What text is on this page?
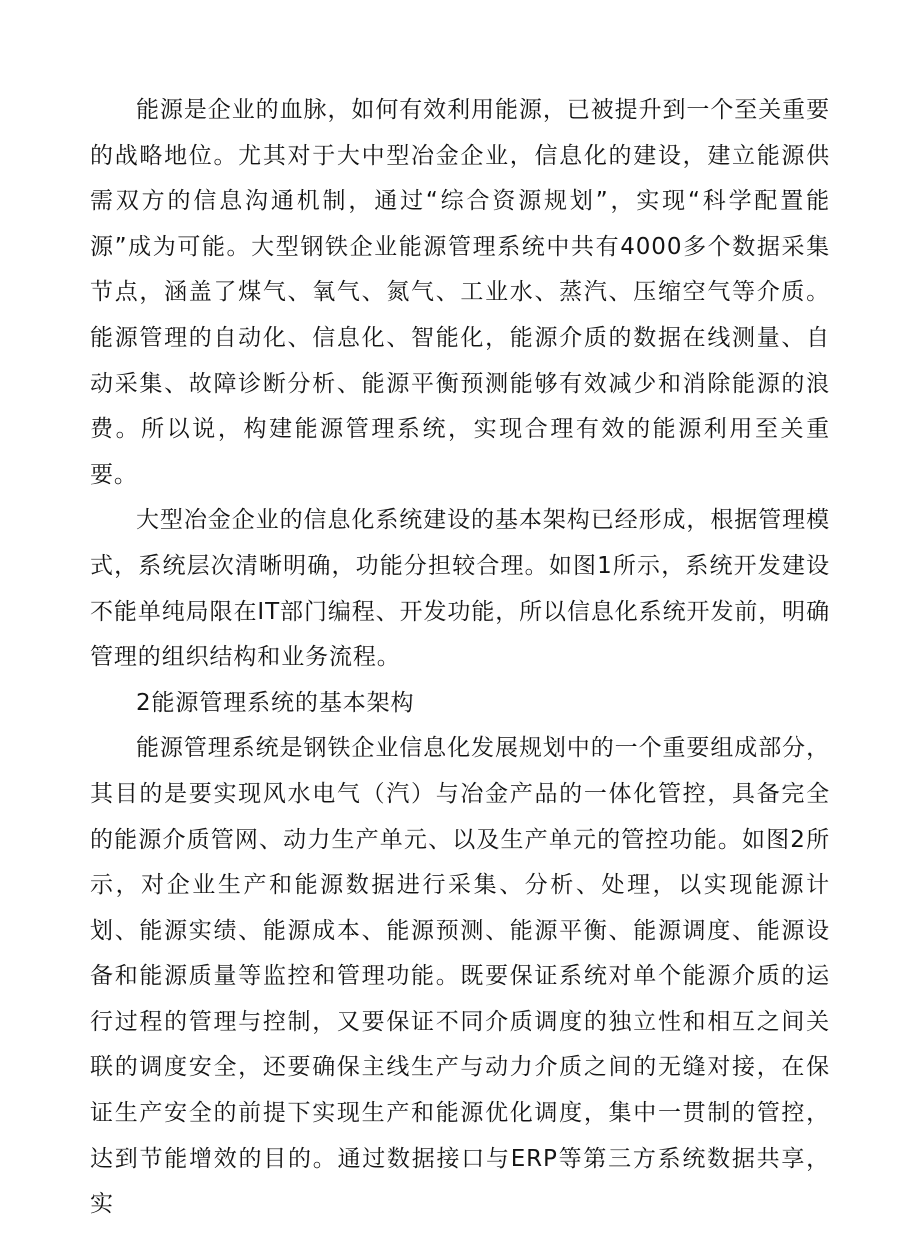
能源是企业的血脉，如何有效利用能源，已被提升到一个至关重要的战略地位。尤其对于大中型冶金企业，信息化的建设，建立能源供需双方的信息沟通机制，通过“综合资源规划”，实现“科学配置能源”成为可能。大型钢铁企业能源管理系统中共有4000多个数据采集节点，涵盖了煤气、氧气、氮气、工业水、蒸汽、压缩空气等介质。能源管理的自动化、信息化、智能化，能源介质的数据在线测量、自动采集、故障诊断分析、能源平衡预测能够有效减少和消除能源的浪费。所以说，构建能源管理系统，实现合理有效的能源利用至关重要。

大型冶金企业的信息化系统建设的基本架构已经形成，根据管理模式，系统层次清晰明确，功能分担较合理。如图1所示，系统开发建设不能单纯局限在IT部门编程、开发功能，所以信息化系统开发前，明确管理的组织结构和业务流程。

2能源管理系统的基本架构

能源管理系统是钢铁企业信息化发展规划中的一个重要组成部分，其目的是要实现风水电气（汽）与冶金产品的一体化管控，具备完全的能源介质管网、动力生产单元、以及生产单元的管控功能。如图2所示，对企业生产和能源数据进行采集、分析、处理，以实现能源计划、能源实绩、能源成本、能源预测、能源平衡、能源调度、能源设备和能源质量等监控和管理功能。既要保证系统对单个能源介质的运行过程的管理与控制，又要保证不同介质调度的独立性和相互之间关联的调度安全，还要确保主线生产与动力介质之间的无缝对接，在保证生产安全的前提下实现生产和能源优化调度，集中一贯制的管控，达到节能增效的目的。通过数据接口与ERP等第三方系统数据共享，实
